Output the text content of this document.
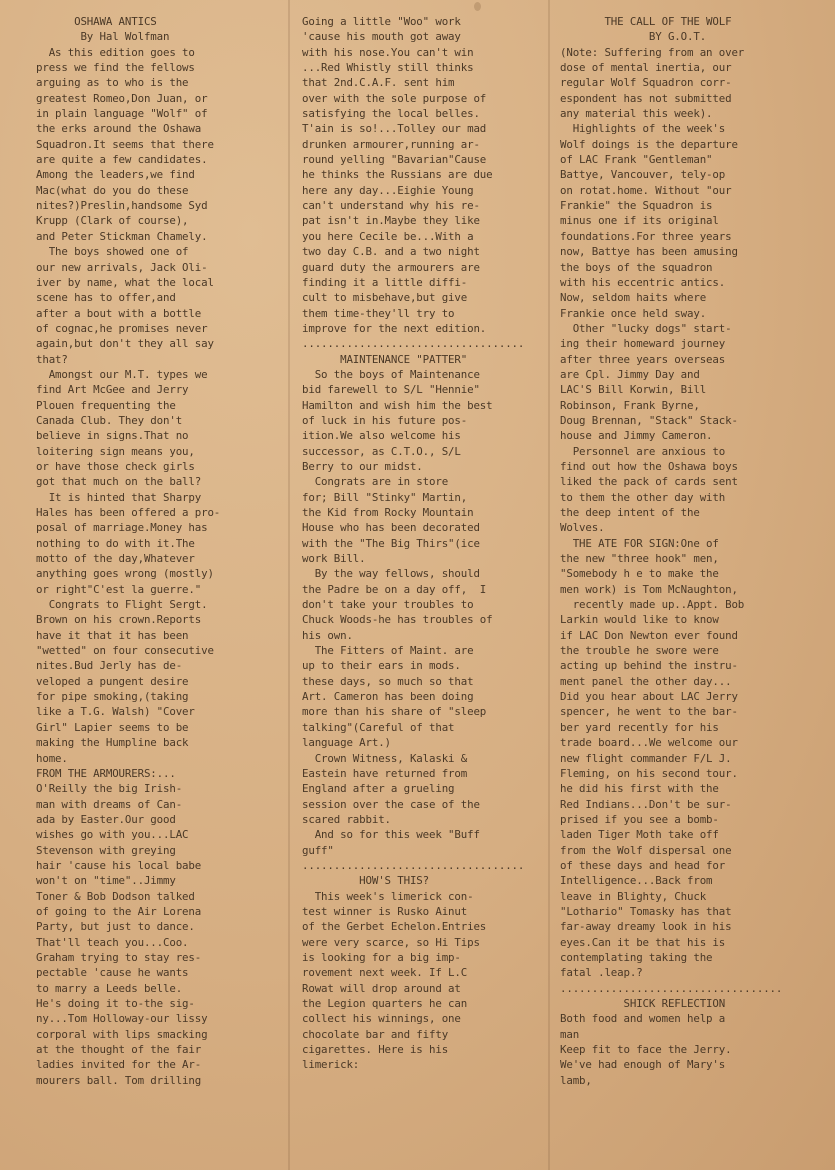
OSHAWA ANTICS
By Hal Wolfman
As this edition goes to
press we find the fellows
arguing as to who is the
greatest Romeo,Don Juan, or
in plain language "Wolf" of
the erks around the Oshawa
Squadron.It seems that there
are quite a few candidates.
Among the leaders,we find
Mac(what do you do these
nites?)Preslin,handsome Syd
Krupp (Clark of course),
and Peter Stickman Chamely.
The boys showed one of
our new arrivals, Jack Oli-
iver by name, what the local
scene has to offer,and
after a bout with a bottle
of cognac,he promises never
again,but don't they all say
that?
Amongst our M.T. types we
find Art McGee and Jerry
Plouen frequenting the
Canada Club. They don't
believe in signs.That no
loitering sign means you,
or have those check girls
got that much on the ball?
It is hinted that Sharpy
Hales has been offered a pro-
posal of marriage.Money has
nothing to do with it.The
motto of the day,Whatever
anything goes wrong (mostly)
or right"C'est la guerre."
Congrats to Flight Sergt.
Brown on his crown.Reports
have it that it has been
"wetted" on four consecutive
nites.Bud Jerly has de-
veloped a pungent desire
for pipe smoking,(taking
like a T.G. Walsh) "Cover
Girl" Lapier seems to be
making the Humpline back
home.
FROM THE ARMOURERS:...
O'Reilly the big Irish-
man with dreams of Can-
ada by Easter.Our good
wishes go with you...LAC
Stevenson with greying
hair 'cause his local babe
won't on "time"..Jimmy
Toner & Bob Dodson talked
of going to the Air Lorena
Party, but just to dance.
That'll teach you...Coo.
Graham trying to stay res-
pectable 'cause he wants
to marry a Leeds belle.
He's doing it to-the sig-
ny...Tom Holloway-our lissy
corporal with lips smacking
at the thought of the fair
ladies invited for the Ar-
mourers ball. Tom drilling
Going a little "Woo" work
'cause his mouth got away
with his nose.You can't win
...Red Whistly still thinks
that 2nd.C.A.F. sent him
over with the sole purpose of
satisfying the local belles.
T'ain is so!...Tolley our mad
drunken armourer,running ar-
round yelling "Bavarian"Cause
he thinks the Russians are due
here any day...Eighie Young
can't understand why his re-
pat isn't in.Maybe they like
you here Cecile be...With a
two day C.B. and a two night
guard duty the armourers are
finding it a little diffi-
cult to misbehave,but give
them time-they'll try to
improve for the next edition.
...................................
MAINTENANCE "PATTER"
So the boys of Maintenance
bid farewell to S/L "Hennie"
Hamilton and wish him the best
of luck in his future pos-
ition.We also welcome his
successor, as C.T.O., S/L
Berry to our midst.
Congrats are in store
for; Bill "Stinky" Martin,
the Kid from Rocky Mountain
House who has been decorated
with the "The Big Thirs"(ice
work Bill.
By the way fellows, should
the Padre be on a day off,  I
don't take your troubles to
Chuck Woods-he has troubles of
his own.
The Fitters of Maint. are
up to their ears in mods.
these days, so much so that
Art. Cameron has been doing
more than his share of "sleep
talking"(Careful of that
language Art.)
Crown Witness, Kalaski &
Eastein have returned from
England after a grueling
session over the case of the
scared rabbit.
And so for this week "Buff
guff"
...................................
HOW'S THIS?
This week's limerick con-
test winner is Rusko Ainut
of the Gerbet Echelon.Entries
were very scarce, so Hi Tips
is looking for a big imp-
rovement next week. If L.C
Rowat will drop around at
the Legion quarters he can
collect his winnings, one
chocolate bar and fifty
cigarettes. Here is his
limerick:
THE CALL OF THE WOLF
BY G.O.T.
(Note: Suffering from an over
dose of mental inertia, our
regular Wolf Squadron corr-
espondent has not submitted
any material this week).
Highlights of the week's
Wolf doings is the departure
of LAC Frank "Gentleman"
Battye, Vancouver, tely-op
on rotat.home. Without "our
Frankie" the Squadron is
minus one if its original
foundations.For three years
now, Battye has been amusing
the boys of the squadron
with his eccentric antics.
Now, seldom haits where
Frankie once held sway.
Other "lucky dogs" start-
ing their homeward journey
after three years overseas
are Cpl. Jimmy Day and
LAC'S Bill Korwin, Bill
Robinson, Frank Byrne,
Doug Brennan, "Stack" Stack-
house and Jimmy Cameron.
Personnel are anxious to
find out how the Oshawa boys
liked the pack of cards sent
to them the other day with
the deep intent of the
Wolves.
THE ATE FOR SIGN:One of
the new "three hook" men,
"Somebody h e to make the
men work) is Tom McNaughton,
recently made up..Appt. Bob
Larkin would like to know
if LAC Don Newton ever found
the trouble he swore were
acting up behind the instru-
ment panel the other day...
Did you hear about LAC Jerry
spencer, he went to the bar-
ber yard recently for his
trade board...We welcome our
new flight commander F/L J.
Fleming, on his second tour.
he did his first with the
Red Indians...Don't be sur-
prised if you see a bomb-
laden Tiger Moth take off
from the Wolf dispersal one
of these days and head for
Intelligence...Back from
leave in Blighty, Chuck
"Lothario" Tomasky has that
far-away dreamy look in his
eyes.Can it be that his is
contemplating taking the
fatal .leap.?
...................................
SHICK REFLECTION
Both food and women help a
man
Keep fit to face the Jerry.
We've had enough of Mary's
lamb,
